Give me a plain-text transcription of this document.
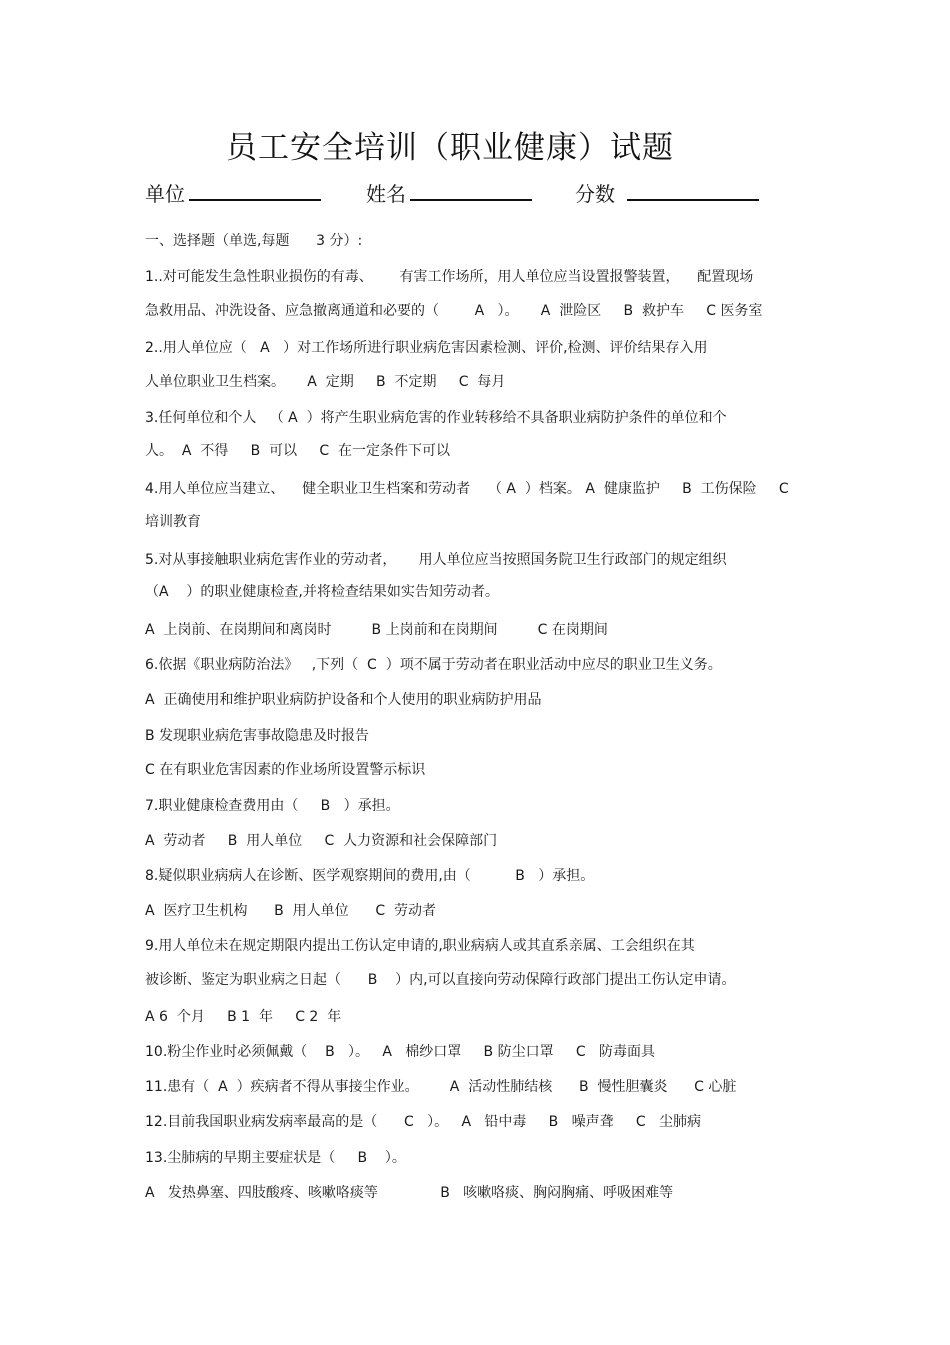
员工安全培训（职业健康）试题
单位	姓名	分数
一、选择题（单选,每题      3 分）:
1..对可能发生急性职业损伤的有毒、      有害工作场所，用人单位应当设置报警装置，    配置现场
急救用品、冲洗设备、应急撤离通道和必要的（        A   ）。     A  泄险区     B  救护车     C 医务室
2..用人单位应（   A   ）对工作场所进行职业病危害因素检测、评价,检测、评价结果存入用
人单位职业卫生档案。     A  定期     B  不定期     C  每月
3.任何单位和个人   （ A  ）将产生职业病危害的作业转移给不具备职业病防护条件的单位和个
人。  A  不得     B  可以     C  在一定条件下可以
4.用人单位应当建立、    健全职业卫生档案和劳动者    （ A  ）档案。 A  健康监护     B  工伤保险     C
培训教育
5.对从事接触职业病危害作业的劳动者，     用人单位应当按照国务院卫生行政部门的规定组织
（A    ）的职业健康检查,并将检查结果如实告知劳动者。
A  上岗前、在岗期间和离岗时         B 上岗前和在岗期间         C 在岗期间
6.依据《职业病防治法》   ,下列（  C  ）项不属于劳动者在职业活动中应尽的职业卫生义务。
A  正确使用和维护职业病防护设备和个人使用的职业病防护用品
B 发现职业病危害事故隐患及时报告
C 在有职业危害因素的作业场所设置警示标识
7.职业健康检查费用由（     B   ）承担。
A  劳动者     B  用人单位     C  人力资源和社会保障部门
8.疑似职业病病人在诊断、医学观察期间的费用,由（          B   ）承担。
A  医疗卫生机构      B  用人单位      C  劳动者
9.用人单位未在规定期限内提出工伤认定申请的,职业病病人或其直系亲属、工会组织在其
被诊断、鉴定为职业病之日起（      B    ）内,可以直接向劳动保障行政部门提出工伤认定申请。
A 6  个月     B 1  年     C 2  年
10.粉尘作业时必须佩戴（    B   ）。   A   棉纱口罩     B 防尘口罩     C   防毒面具
11.患有（  A  ）疾病者不得从事接尘作业。       A  活动性肺结核      B  慢性胆囊炎      C 心脏
12.目前我国职业病发病率最高的是（      C   ）。   A   铅中毒     B   噪声聋     C   尘肺病
13.尘肺病的早期主要症状是（     B    ）。
A   发热鼻塞、四肢酸疼、咳嗽咯痰等              B   咳嗽咯痰、胸闷胸痛、呼吸困难等
